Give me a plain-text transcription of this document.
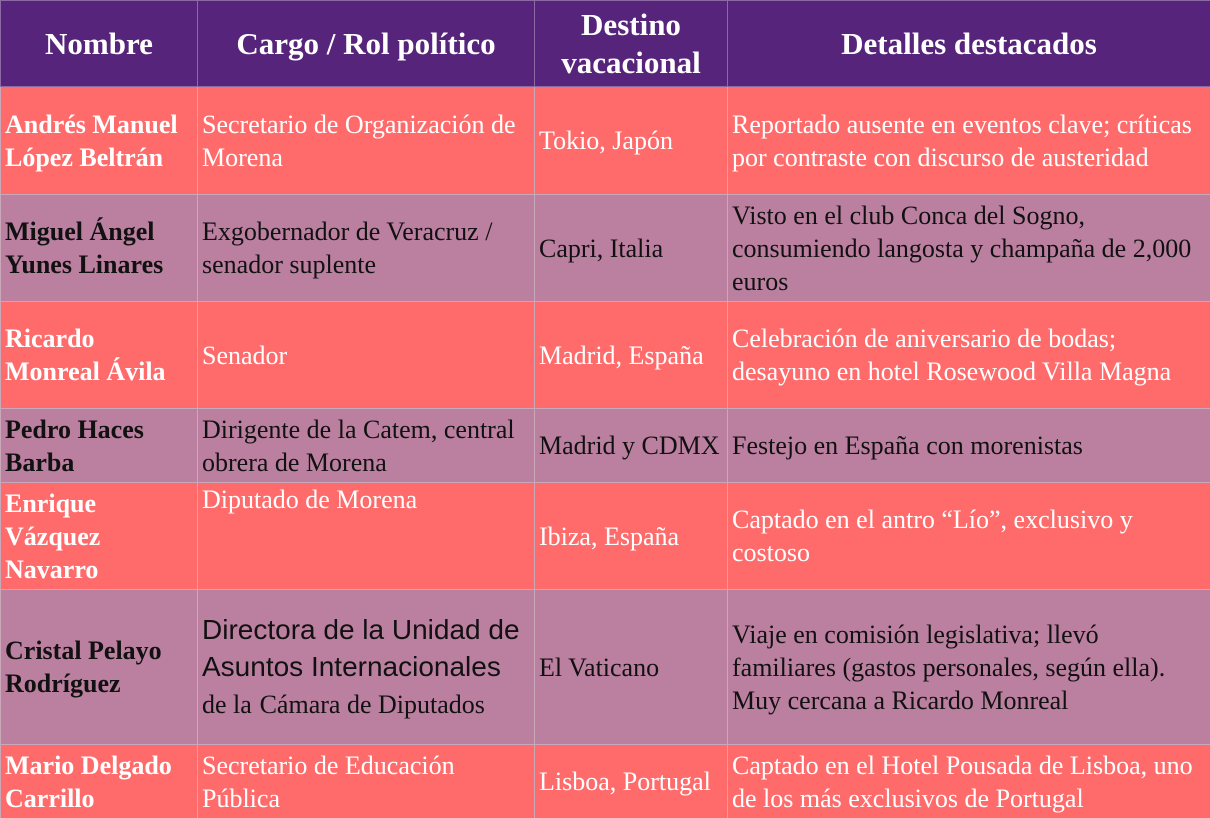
Nombre	Cargo / Rol político	Destino vacacional	Detalles destacados
Andrés Manuel López Beltrán	Secretario de Organización de Morena	Tokio, Japón	Reportado ausente en eventos clave; críticas por contraste con discurso de austeridad
Miguel Ángel Yunes Linares	Exgobernador de Veracruz / senador suplente	Capri, Italia	Visto en el club Conca del Sogno, consumiendo langosta y champaña de 2,000 euros
Ricardo Monreal Ávila	Senador	Madrid, España	Celebración de aniversario de bodas; desayuno en hotel Rosewood Villa Magna
Pedro Haces Barba	Dirigente de la Catem, central obrera de Morena	Madrid y CDMX	Festejo en España con morenistas
Enrique Vázquez Navarro	Diputado de Morena	Ibiza, España	Captado en el antro “Lío”, exclusivo y costoso
Cristal Pelayo Rodríguez	Directora de la Unidad de Asuntos Internacionales de la Cámara de Diputados	El Vaticano	Viaje en comisión legislativa; llevó familiares (gastos personales, según ella). Muy cercana a Ricardo Monreal
Mario Delgado Carrillo	Secretario de Educación Pública	Lisboa, Portugal	Captado en el Hotel Pousada de Lisboa, uno de los más exclusivos de Portugal
